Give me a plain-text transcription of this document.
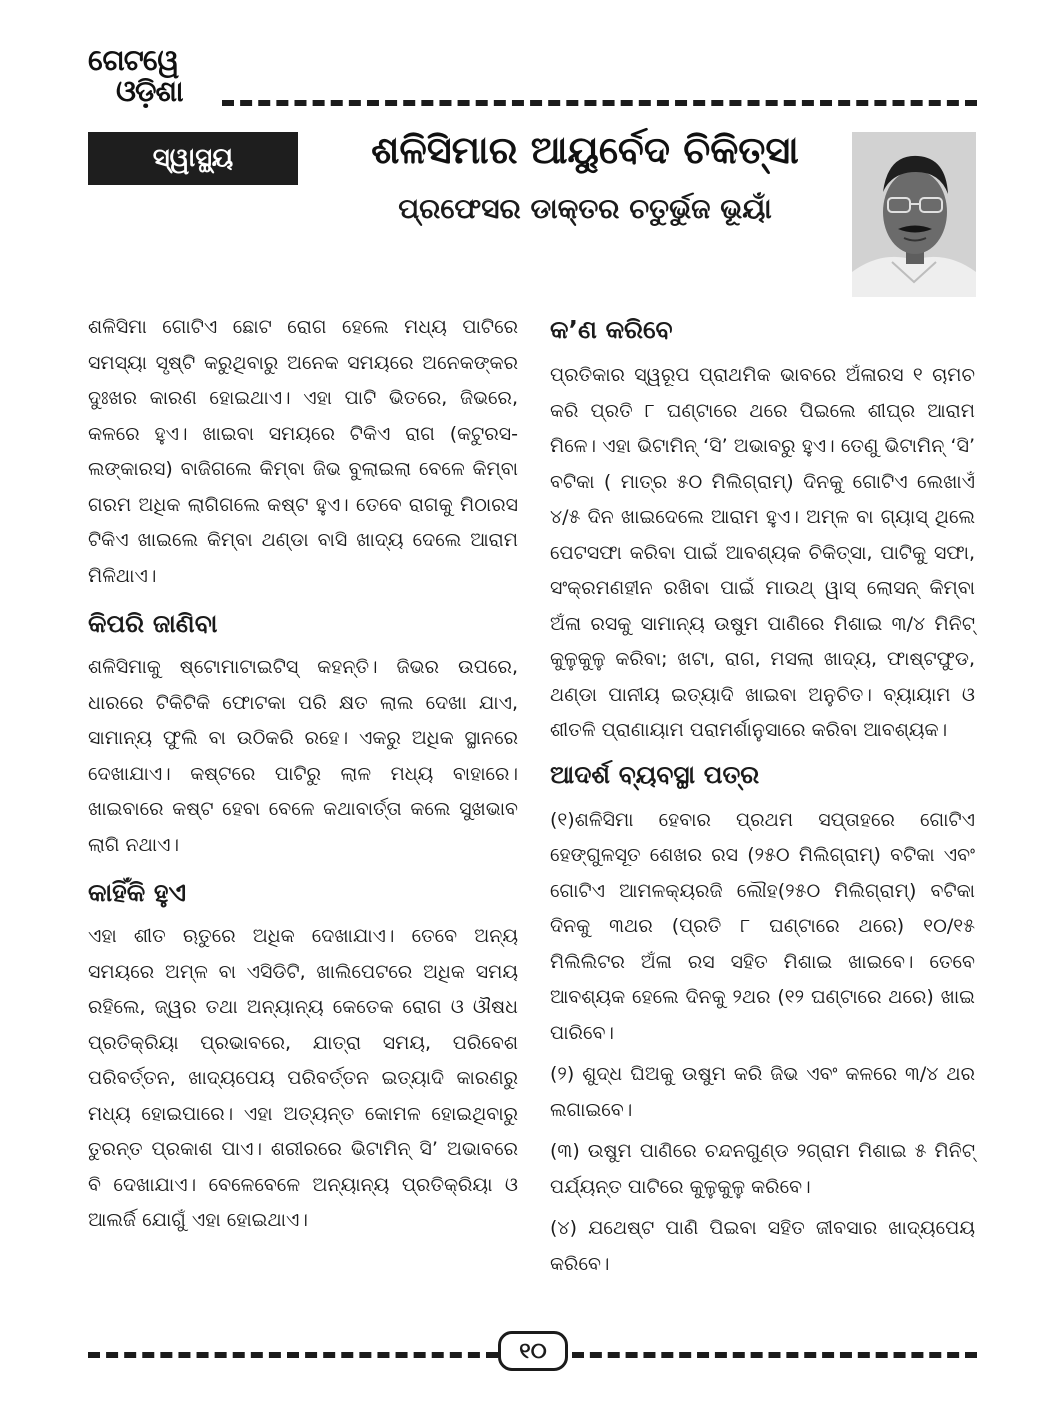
ଗେଟୱେ
ଓଡ଼ିଶା
ସ୍ୱାସ୍ଥ୍ୟ	ଶଳିସିମାର ଆୟୁର୍ବେଦ ଚିକିତ୍ସା
ପ୍ରଫେସର ଡାକ୍ତର ଚତୁର୍ଭୁଜ ଭୂୟାଁ

ଶଳିସିମା ଗୋଟିଏ ଛୋଟ ରୋଗ ହେଲେ ମଧ୍ୟ ପାଟିରେ ସମସ୍ୟା ସୃଷ୍ଟି କରୁଥିବାରୁ ଅନେକ ସମୟରେ ଅନେକଙ୍କର ଦୁଃଖର କାରଣ ହୋଇଥାଏ। ଏହା ପାଟି ଭିତରେ, ଜିଭରେ, କଳରେ ହୁଏ। ଖାଇବା ସମୟରେ ଟିକିଏ ରାଗ (କଟୁରସ-ଲଙ୍କାରସ) ବାଜିଗଲେ କିମ୍ବା ଜିଭ ବୁଲାଇଲା ବେଳେ କିମ୍ବା ଗରମ ଅଧିକ ଲାଗିଗଲେ କଷ୍ଟ ହୁଏ। ତେବେ ରାଗକୁ ମିଠାରସ ଟିକିଏ ଖାଇଲେ କିମ୍ବା ଥଣ୍ଡା ବାସି ଖାଦ୍ୟ ଦେଲେ ଆରାମ ମିଳିଥାଏ।

କିପରି ଜାଣିବା

ଶଳିସିମାକୁ ଷ୍ଟୋମାଟାଇଟିସ୍ କହନ୍ତି। ଜିଭର ଉପରେ, ଧାରରେ ଟିକିଟିକି ଫୋଟକା ପରି କ୍ଷତ ଲାଲ ଦେଖା ଯାଏ, ସାମାନ୍ୟ ଫୁଲି ବା ଉଠିକରି ରହେ। ଏକରୁ ଅଧିକ ସ୍ଥାନରେ ଦେଖାଯାଏ। କଷ୍ଟରେ ପାଟିରୁ ଲାଳ ମଧ୍ୟ ବାହାରେ। ଖାଇବାରେ କଷ୍ଟ ହେବା ବେଳେ କଥାବାର୍ତ୍ତା କଲେ ସୁଖଭାବ ଲାଗି ନଥାଏ।

କାହିଁକି ହୁଏ

ଏହା ଶୀତ ଋତୁରେ ଅଧିକ ଦେଖାଯାଏ। ତେବେ ଅନ୍ୟ ସମୟରେ ଅମ୍ଳ ବା ଏସିଡିଟି, ଖାଲିପେଟରେ ଅଧିକ ସମୟ ରହିଲେ, ଜ୍ୱର ତଥା ଅନ୍ୟାନ୍ୟ କେତେକ ରୋଗ ଓ ଔଷଧ ପ୍ରତିକ୍ରିୟା ପ୍ରଭାବରେ, ଯାତ୍ରା ସମୟ, ପରିବେଶ ପରିବର୍ତ୍ତନ, ଖାଦ୍ୟପେୟ ପରିବର୍ତ୍ତନ ଇତ୍ୟାଦି କାରଣରୁ ମଧ୍ୟ ହୋଇପାରେ। ଏହା ଅତ୍ୟନ୍ତ କୋମଳ ହୋଇଥିବାରୁ ତୁରନ୍ତ ପ୍ରକାଶ ପାଏ। ଶରୀରରେ ଭିଟାମିନ୍ ସି’ ଅଭାବରେ ବି ଦେଖାଯାଏ। ବେଳେବେଳେ ଅନ୍ୟାନ୍ୟ ପ୍ରତିକ୍ରିୟା ଓ ଆଲର୍ଜି ଯୋଗୁଁ ଏହା ହୋଇଥାଏ।

କ’ଣ କରିବେ

ପ୍ରତିକାର ସ୍ୱରୂପ ପ୍ରାଥମିକ ଭାବରେ ଅଁଳାରସ ୧ ଚାମଚ କରି ପ୍ରତି ୮ ଘଣ୍ଟାରେ ଥରେ ପିଇଲେ ଶୀଘ୍ର ଆରାମ ମିଳେ। ଏହା ଭିଟାମିନ୍ ‘ସି’ ଅଭାବରୁ ହୁଏ। ତେଣୁ ଭିଟାମିନ୍ ‘ସି’ ବଟିକା ( ମାତ୍ର ୫୦ ମିଲିଗ୍ରାମ୍) ଦିନକୁ ଗୋଟିଏ ଲେଖାଏଁ ୪/୫ ଦିନ ଖାଇଦେଲେ ଆରାମ ହୁଏ। ଅମ୍ଳ ବା ଗ୍ୟାସ୍ ଥିଲେ ପେଟସଫା କରିବା ପାଇଁ ଆବଶ୍ୟକ ଚିକିତ୍ସା, ପାଟିକୁ ସଫା, ସଂକ୍ରମଣହୀନ ରଖିବା ପାଇଁ ମାଉଥ୍ ୱାସ୍ ଲୋସନ୍ କିମ୍ବା ଅଁଳା ରସକୁ ସାମାନ୍ୟ ଉଷୁମ ପାଣିରେ ମିଶାଇ ୩/୪ ମିନିଟ୍ କୁଳୁକୁଳୁ କରିବା; ଖଟା, ରାଗ, ମସଲା ଖାଦ୍ୟ, ଫାଷ୍ଟଫୁଡ, ଥଣ୍ଡା ପାନୀୟ ଇତ୍ୟାଦି ଖାଇବା ଅନୁଚିତ। ବ୍ୟାୟାମ ଓ ଶୀତଳି ପ୍ରାଣାୟାମ ପରାମର୍ଶାନୁସାରେ କରିବା ଆବଶ୍ୟକ।

ଆଦର୍ଶ ବ୍ୟବସ୍ଥା ପତ୍ର

(୧)ଶଳିସିମା ହେବାର ପ୍ରଥମ ସପ୍ତାହରେ ଗୋଟିଏ ହେଙ୍ଗୁଳସୂତ ଶେଖର ରସ (୨୫୦ ମିଲିଗ୍ରାମ୍) ବଟିକା ଏବଂ ଗୋଟିଏ ଆମଳକ୍ୟରଜି ଲୌହ(୨୫୦ ମିଲିଗ୍ରାମ୍) ବଟିକା ଦିନକୁ ୩ଥର (ପ୍ରତି ୮ ଘଣ୍ଟାରେ ଥରେ) ୧୦/୧୫ ମିଲିଲିଟର ଅଁଳା ରସ ସହିତ ମିଶାଇ ଖାଇବେ। ତେବେ ଆବଶ୍ୟକ ହେଲେ ଦିନକୁ ୨ଥର (୧୨ ଘଣ୍ଟାରେ ଥରେ) ଖାଇ ପାରିବେ।

(୨) ଶୁଦ୍ଧ ଘିଅକୁ ଉଷୁମ କରି ଜିଭ ଏବଂ କଳରେ ୩/୪ ଥର ଲଗାଇବେ।

(୩) ଉଷୁମ ପାଣିରେ ଚନ୍ଦନଗୁଣ୍ଡ ୨ଗ୍ରାମ ମିଶାଇ ୫ ମିନିଟ୍ ପର୍ଯ୍ୟନ୍ତ ପାଟିରେ କୁଳୁକୁଳୁ କରିବେ।

(୪) ଯଥେଷ୍ଟ ପାଣି ପିଇବା ସହିତ ଜୀବସାର ଖାଦ୍ୟପେୟ କରିବେ।

୧୦
